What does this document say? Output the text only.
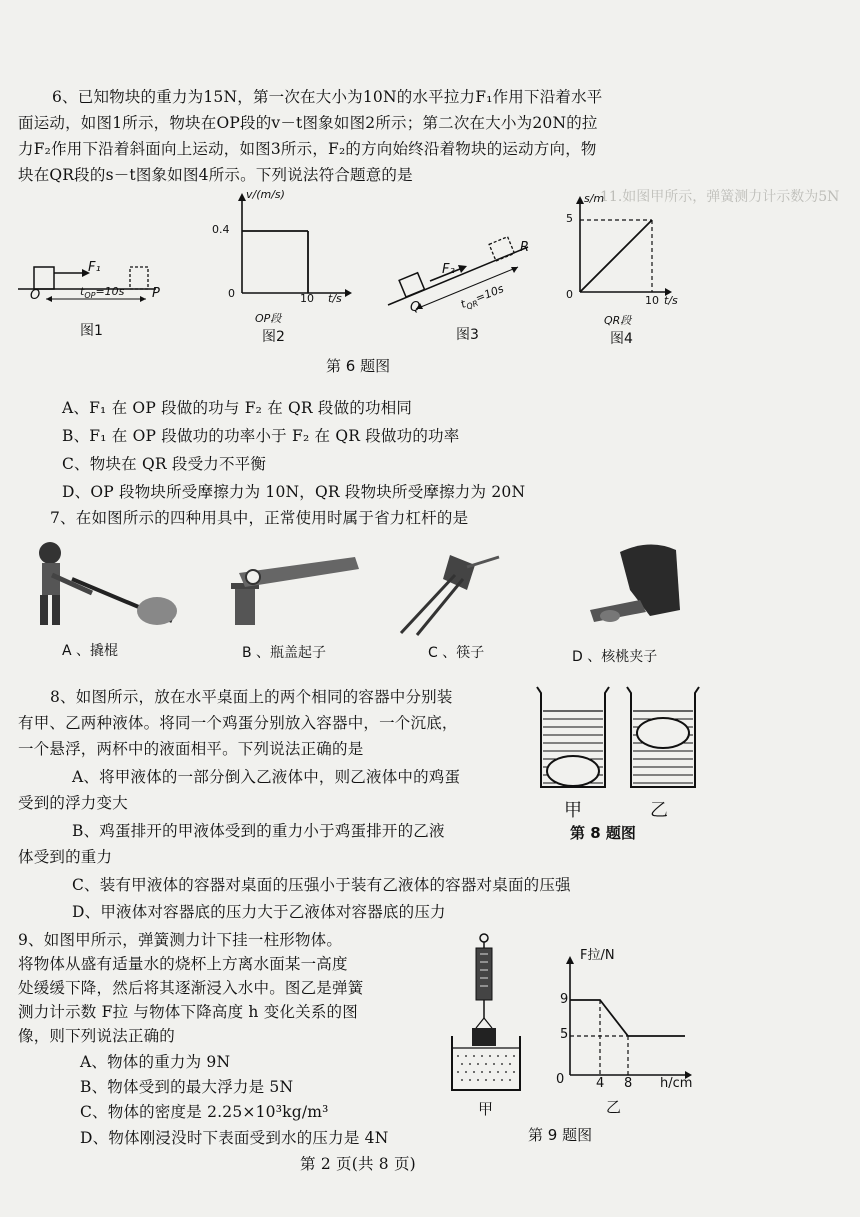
11.如图甲所示，弹簧测力计示数为5N
6、已知物块的重力为15N，第一次在大小为10N的水平拉力F₁作用下沿着水平
面运动，如图1所示，物块在OP段的v－t图象如图2所示；第二次在大小为20N的拉
力F₂作用下沿着斜面向上运动，如图3所示，F₂的方向始终沿着物块的运动方向，物
块在QR段的s－t图象如图4所示。下列说法符合题意的是
F₁
O	P
$t_{OP}=10s$
图1
v/(m/s)
0.4
0	10 t/s
OP段
图2
F₂
Q
R
$t_{QR}=10s$
图3
s/m
5
0	10 t/s
QR段
图4
第 6 题图
A、F₁ 在 OP 段做的功与 F₂ 在 QR 段做的功相同
B、F₁ 在 OP 段做功的功率小于 F₂ 在 QR 段做功的功率
C、物块在 QR 段受力不平衡
D、OP 段物块所受摩擦力为 10N，QR 段物块所受摩擦力为 20N
7、在如图所示的四种用具中，正常使用时属于省力杠杆的是
A 、撬棍	B 、瓶盖起子	C 、筷子	D 、核桃夹子
8、如图所示，放在水平桌面上的两个相同的容器中分别装
有甲、乙两种液体。将同一个鸡蛋分别放入容器中，一个沉底，
一个悬浮，两杯中的液面相平。下列说法正确的是
A、将甲液体的一部分倒入乙液体中，则乙液体中的鸡蛋
受到的浮力变大
B、鸡蛋排开的甲液体受到的重力小于鸡蛋排开的乙液
体受到的重力
C、装有甲液体的容器对桌面的压强小于装有乙液体的容器对桌面的压强
D、甲液体对容器底的压力大于乙液体对容器底的压力
甲	乙
第 8 题图
9、如图甲所示，弹簧测力计下挂一柱形物体。
将物体从盛有适量水的烧杯上方离水面某一高度
处缓缓下降，然后将其逐渐浸入水中。图乙是弹簧
测力计示数 F拉 与物体下降高度 h 变化关系的图
像，则下列说法正确的
A、物体的重力为 9N
B、物体受到的最大浮力是 5N
C、物体的密度是 2.25×10³kg/m³
D、物体刚浸没时下表面受到水的压力是 4N
甲
F拉/N
9
5
0 4 8 h/cm
乙
第 9 题图
第 2 页(共 8 页)
